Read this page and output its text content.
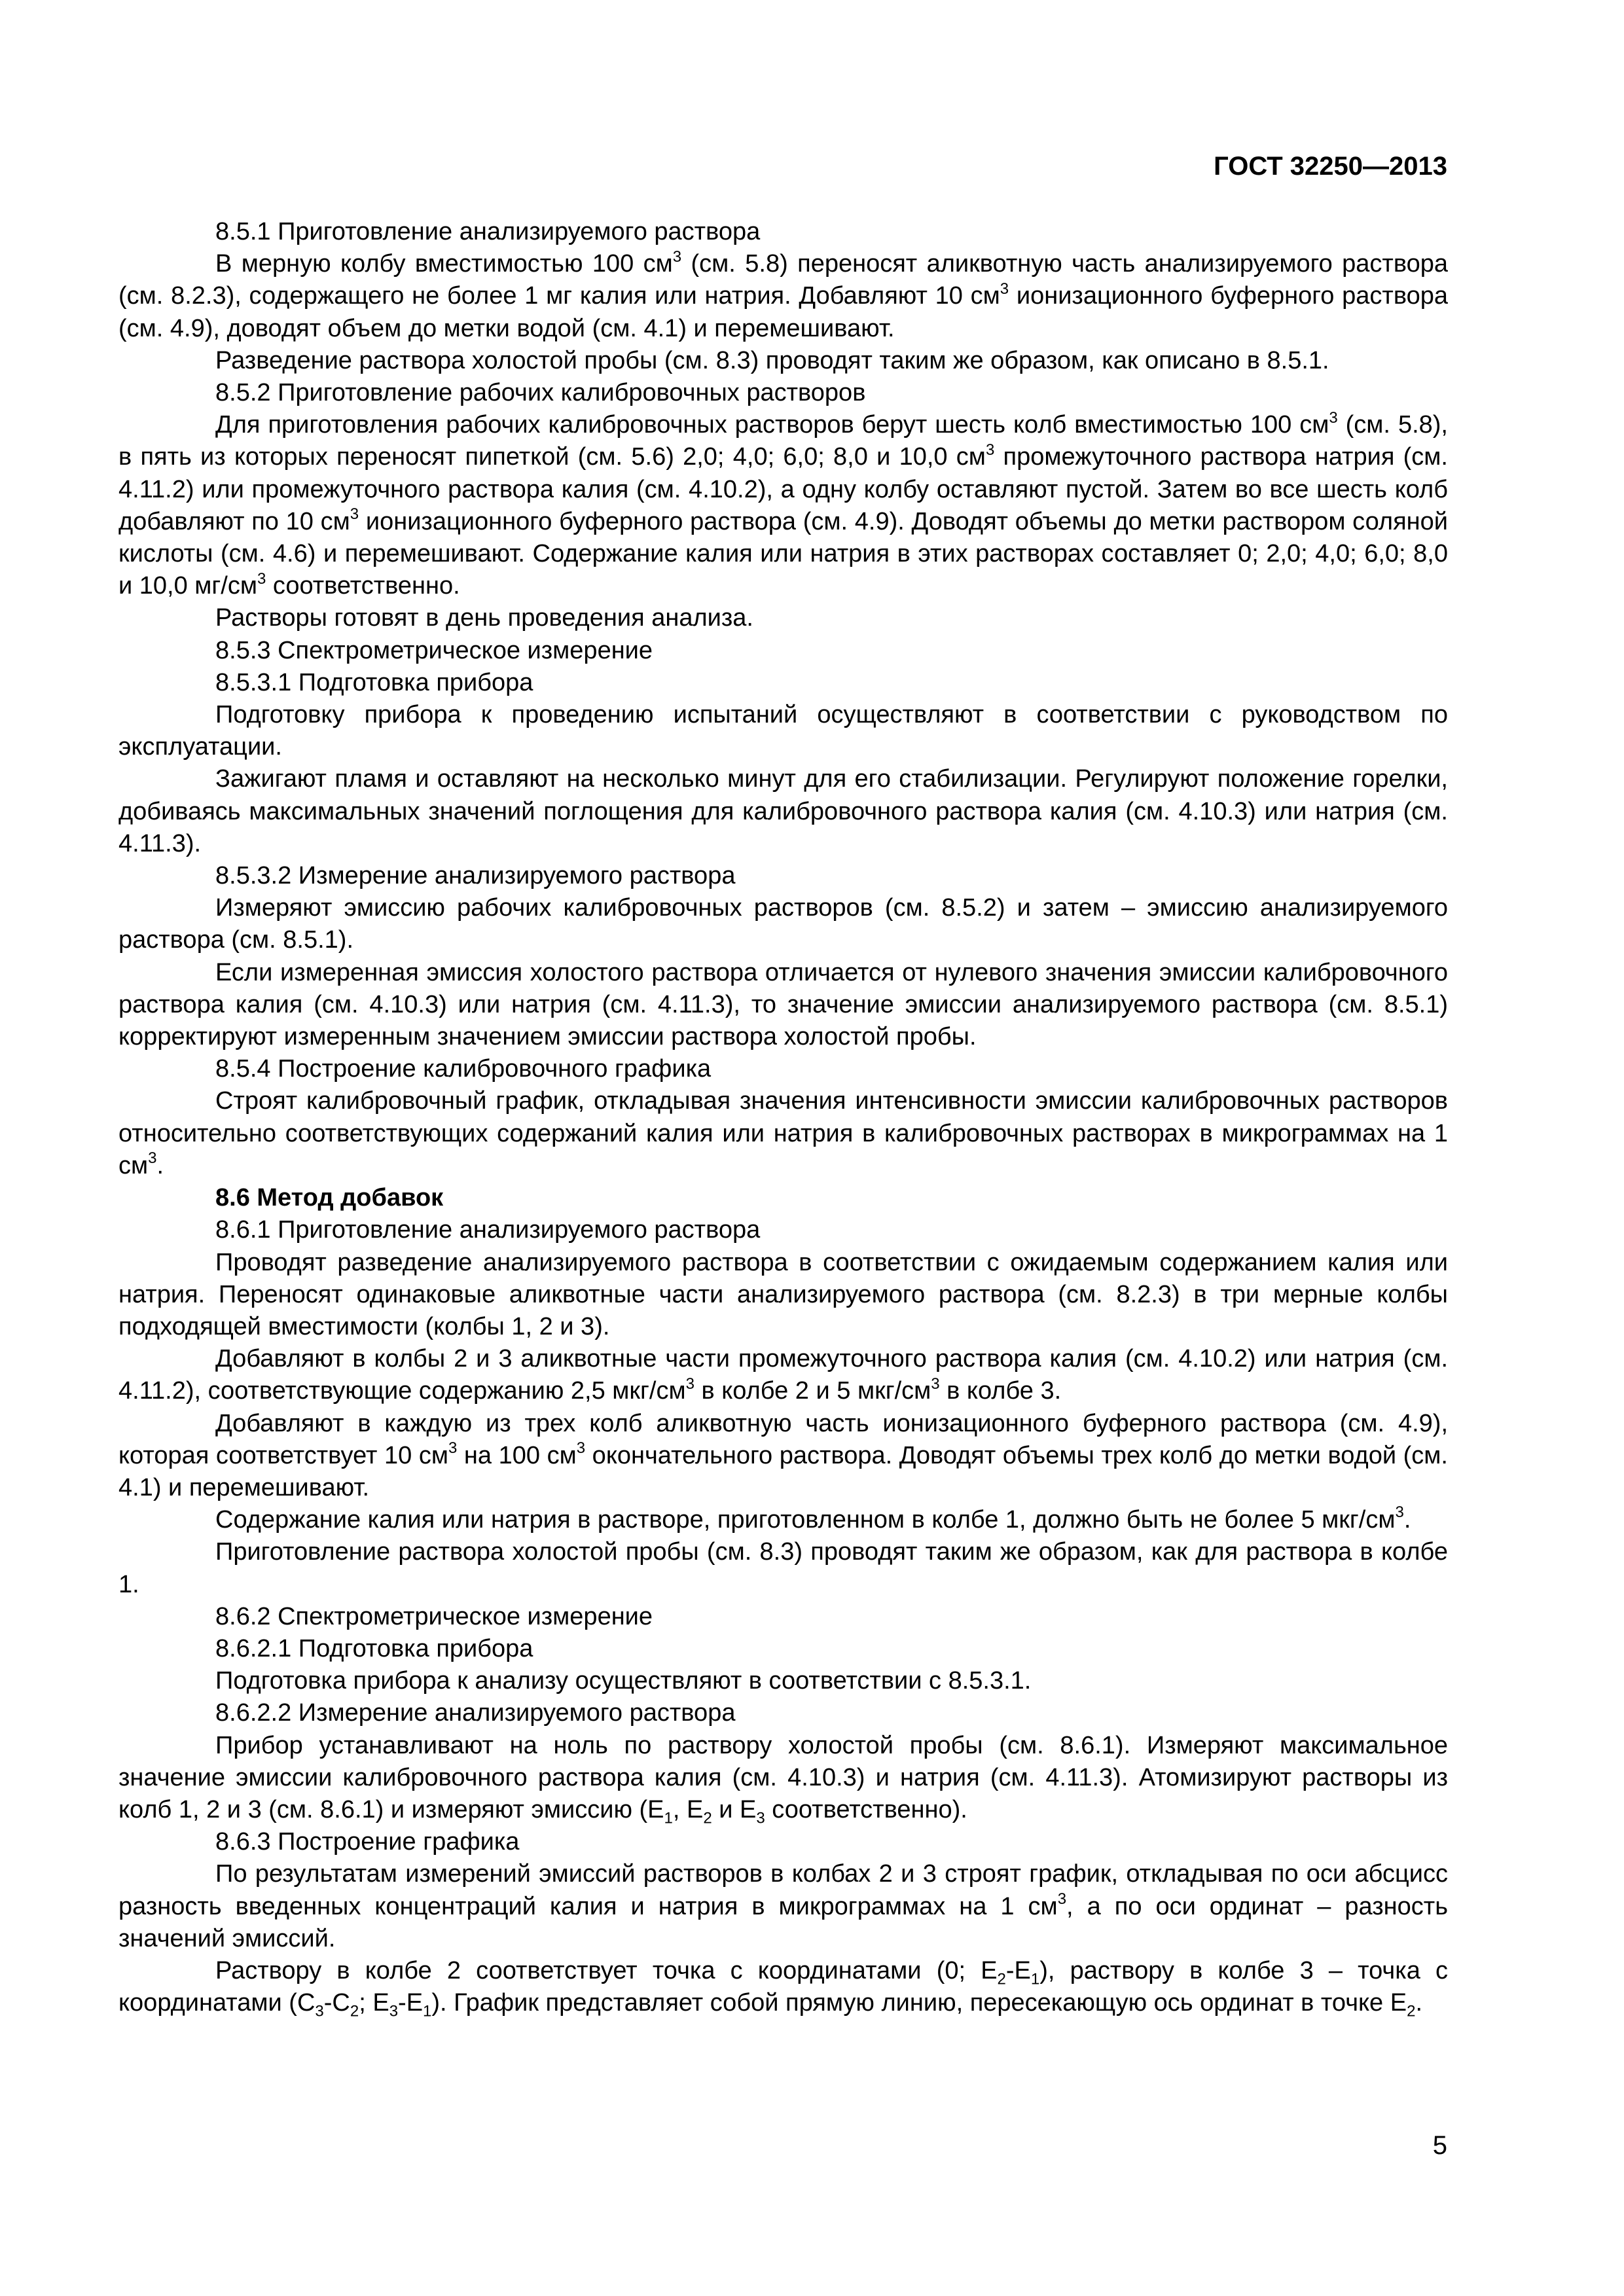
ГОСТ 32250—2013

8.5.1 Приготовление анализируемого раствора

В мерную колбу вместимостью 100 $см^3$ (см. 5.8) переносят аликвотную часть анализируемого раствора (см. 8.2.3), содержащего не более 1 мг калия или натрия. Добавляют 10 $см^3$ ионизационного буферного раствора (см. 4.9), доводят объем до метки водой (см. 4.1) и перемешивают.

Разведение раствора холостой пробы (см. 8.3) проводят таким же образом, как описано в 8.5.1.

8.5.2 Приготовление рабочих калибровочных растворов

Для приготовления рабочих калибровочных растворов берут шесть колб вместимостью 100 $см^3$ (см. 5.8), в пять из которых переносят пипеткой (см. 5.6) 2,0; 4,0; 6,0; 8,0 и 10,0 $см^3$ промежуточного раствора натрия (см. 4.11.2) или промежуточного раствора калия (см. 4.10.2), а одну колбу оставляют пустой. Затем во все шесть колб добавляют по 10 $см^3$ ионизационного буферного раствора (см. 4.9). Доводят объемы до метки раствором соляной кислоты (см. 4.6) и перемешивают. Содержание калия или натрия в этих растворах составляет 0; 2,0; 4,0; 6,0; 8,0 и 10,0 $мг/см^3$ соответственно.

Растворы готовят в день проведения анализа.

8.5.3 Спектрометрическое измерение

8.5.3.1 Подготовка прибора

Подготовку прибора к проведению испытаний осуществляют в соответствии с руководством по эксплуатации.

Зажигают пламя и оставляют на несколько минут для его стабилизации. Регулируют положение горелки, добиваясь максимальных значений поглощения для калибровочного раствора калия (см. 4.10.3) или натрия (см. 4.11.3).

8.5.3.2 Измерение анализируемого раствора

Измеряют эмиссию рабочих калибровочных растворов (см. 8.5.2) и затем – эмиссию анализируемого раствора (см. 8.5.1).

Если измеренная эмиссия холостого раствора отличается от нулевого значения эмиссии калибровочного раствора калия (см. 4.10.3) или натрия (см. 4.11.3), то значение эмиссии анализируемого раствора (см. 8.5.1) корректируют измеренным значением эмиссии раствора холостой пробы.

8.5.4 Построение калибровочного графика

Строят калибровочный график, откладывая значения интенсивности эмиссии калибровочных растворов относительно соответствующих содержаний калия или натрия в калибровочных растворах в микрограммах на 1 $см^3$.

8.6 Метод добавок

8.6.1 Приготовление анализируемого раствора

Проводят разведение анализируемого раствора в соответствии с ожидаемым содержанием калия или натрия. Переносят одинаковые аликвотные части анализируемого раствора (см. 8.2.3) в три мерные колбы подходящей вместимости (колбы 1, 2 и 3).

Добавляют в колбы 2 и 3 аликвотные части промежуточного раствора калия (см. 4.10.2) или натрия (см. 4.11.2), соответствующие содержанию 2,5 мкг/$см^3$ в колбе 2 и 5 мкг/$см^3$ в колбе 3.

Добавляют в каждую из трех колб аликвотную часть ионизационного буферного раствора (см. 4.9), которая соответствует 10 $см^3$ на 100 $см^3$ окончательного раствора. Доводят объемы трех колб до метки водой (см. 4.1) и перемешивают.

Содержание калия или натрия в растворе, приготовленном в колбе 1, должно быть не более 5 мкг/$см^3$.

Приготовление раствора холостой пробы (см. 8.3) проводят таким же образом, как для раствора в колбе 1.

8.6.2 Спектрометрическое измерение

8.6.2.1 Подготовка прибора

Подготовка прибора к анализу осуществляют в соответствии с 8.5.3.1.

8.6.2.2 Измерение анализируемого раствора

Прибор устанавливают на ноль по раствору холостой пробы (см. 8.6.1). Измеряют максимальное значение эмиссии калибровочного раствора калия (см. 4.10.3) и натрия (см. 4.11.3). Атомизируют растворы из колб 1, 2 и 3 (см. 8.6.1) и измеряют эмиссию ($Е_1$, $Е_2$ и $Е_3$ соответственно).

8.6.3 Построение графика

По результатам измерений эмиссий растворов в колбах 2 и 3 строят график, откладывая по оси абсцисс разность введенных концентраций калия и натрия в микрограммах на 1 $см^3$, а по оси ординат – разность значений эмиссий.

Раствору в колбе 2 соответствует точка с координатами (0; $Е_2-Е_1$), раствору в колбе 3 – точка с координатами ($С_3-С_2$; $Е_3-Е_1$). График представляет собой прямую линию, пересекающую ось ординат в точке $Е_2$.

5
